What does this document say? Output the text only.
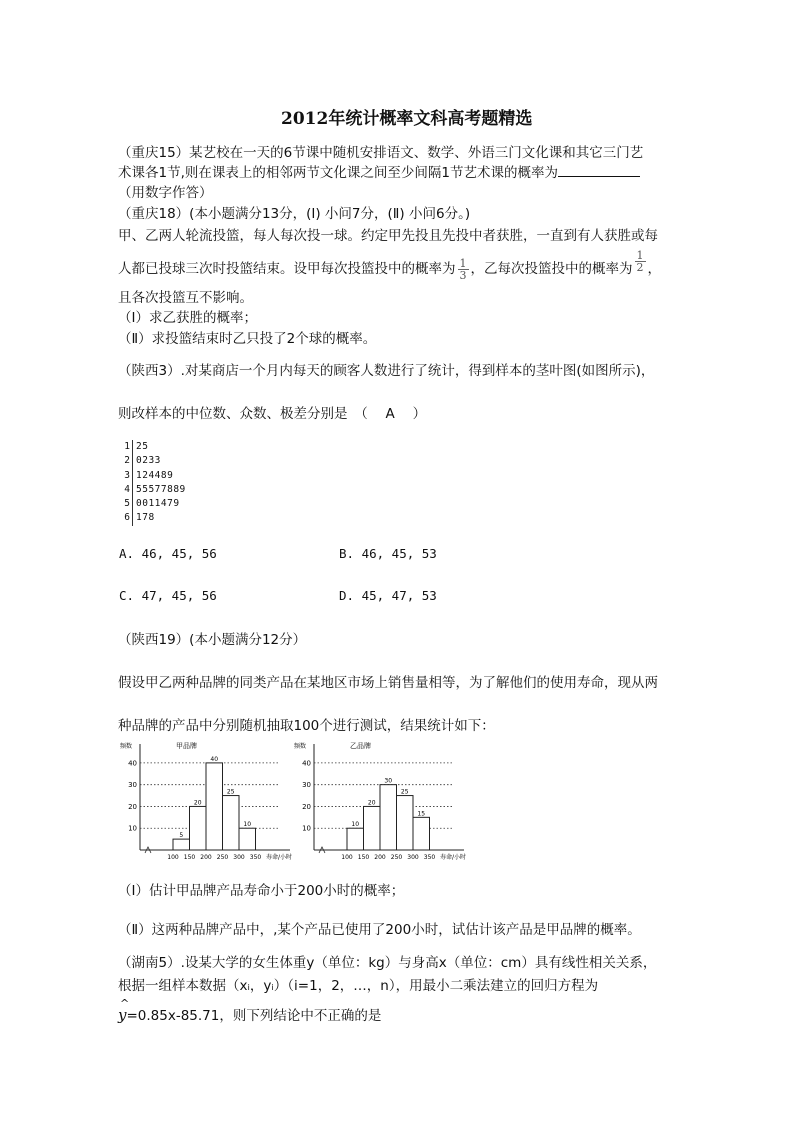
2012年统计概率文科高考题精选
（重庆15）某艺校在一天的6节课中随机安排语文、数学、外语三门文化课和其它三门艺
术课各1节,则在课表上的相邻两节文化课之间至少间隔1节艺术课的概率为
（用数字作答）
（重庆18）(本小题满分13分，(Ⅰ) 小问7分，(Ⅱ) 小问6分。)
甲、乙两人轮流投篮，每人每次投一球。约定甲先投且先投中者获胜，一直到有人获胜或每
人都已投球三次时投篮结束。设甲每次投篮投中的概率为 $\frac{1}{3}$ ，乙每次投篮投中的概率为 $\frac{1}{2}$ ，
且各次投篮互不影响。
（Ⅰ）求乙获胜的概率；
（Ⅱ）求投篮结束时乙只投了2个球的概率。
（陕西3）.对某商店一个月内每天的顾客人数进行了统计，得到样本的茎叶图(如图所示)，
则改样本的中位数、众数、极差分别是　（　 A　 ）
1 25
2 0233
3 124489
4 55577889
5 0011479
6 178
A. 46, 45, 56	B. 46, 45, 53
C. 47, 45, 56	D. 45, 47, 53
（陕西19）(本小题满分12分）
假设甲乙两种品牌的同类产品在某地区市场上销售量相等，为了解他们的使用寿命，现从两
种品牌的产品中分别随机抽取100个进行测试，结果统计如下：
频数	甲品牌
10
20
30
40
5
20
40
25
10
100 150 200 250 300 350 寿命/小时
频数	乙品牌
10
20
30
40
10
20
30
25
15
100 150 200 250 300 350 寿命/小时
（Ⅰ）估计甲品牌产品寿命小于200小时的概率；
（Ⅱ）这两种品牌产品中，,某个产品已使用了200小时，试估计该产品是甲品牌的概率。
（湖南5）.设某大学的女生体重y（单位：kg）与身高x（单位：cm）具有线性相关关系，
根据一组样本数据（xᵢ，yᵢ）（i=1，2，…，n），用最小二乘法建立的回归方程为
y
^
=0.85x-85.71，则下列结论中不正确的是
